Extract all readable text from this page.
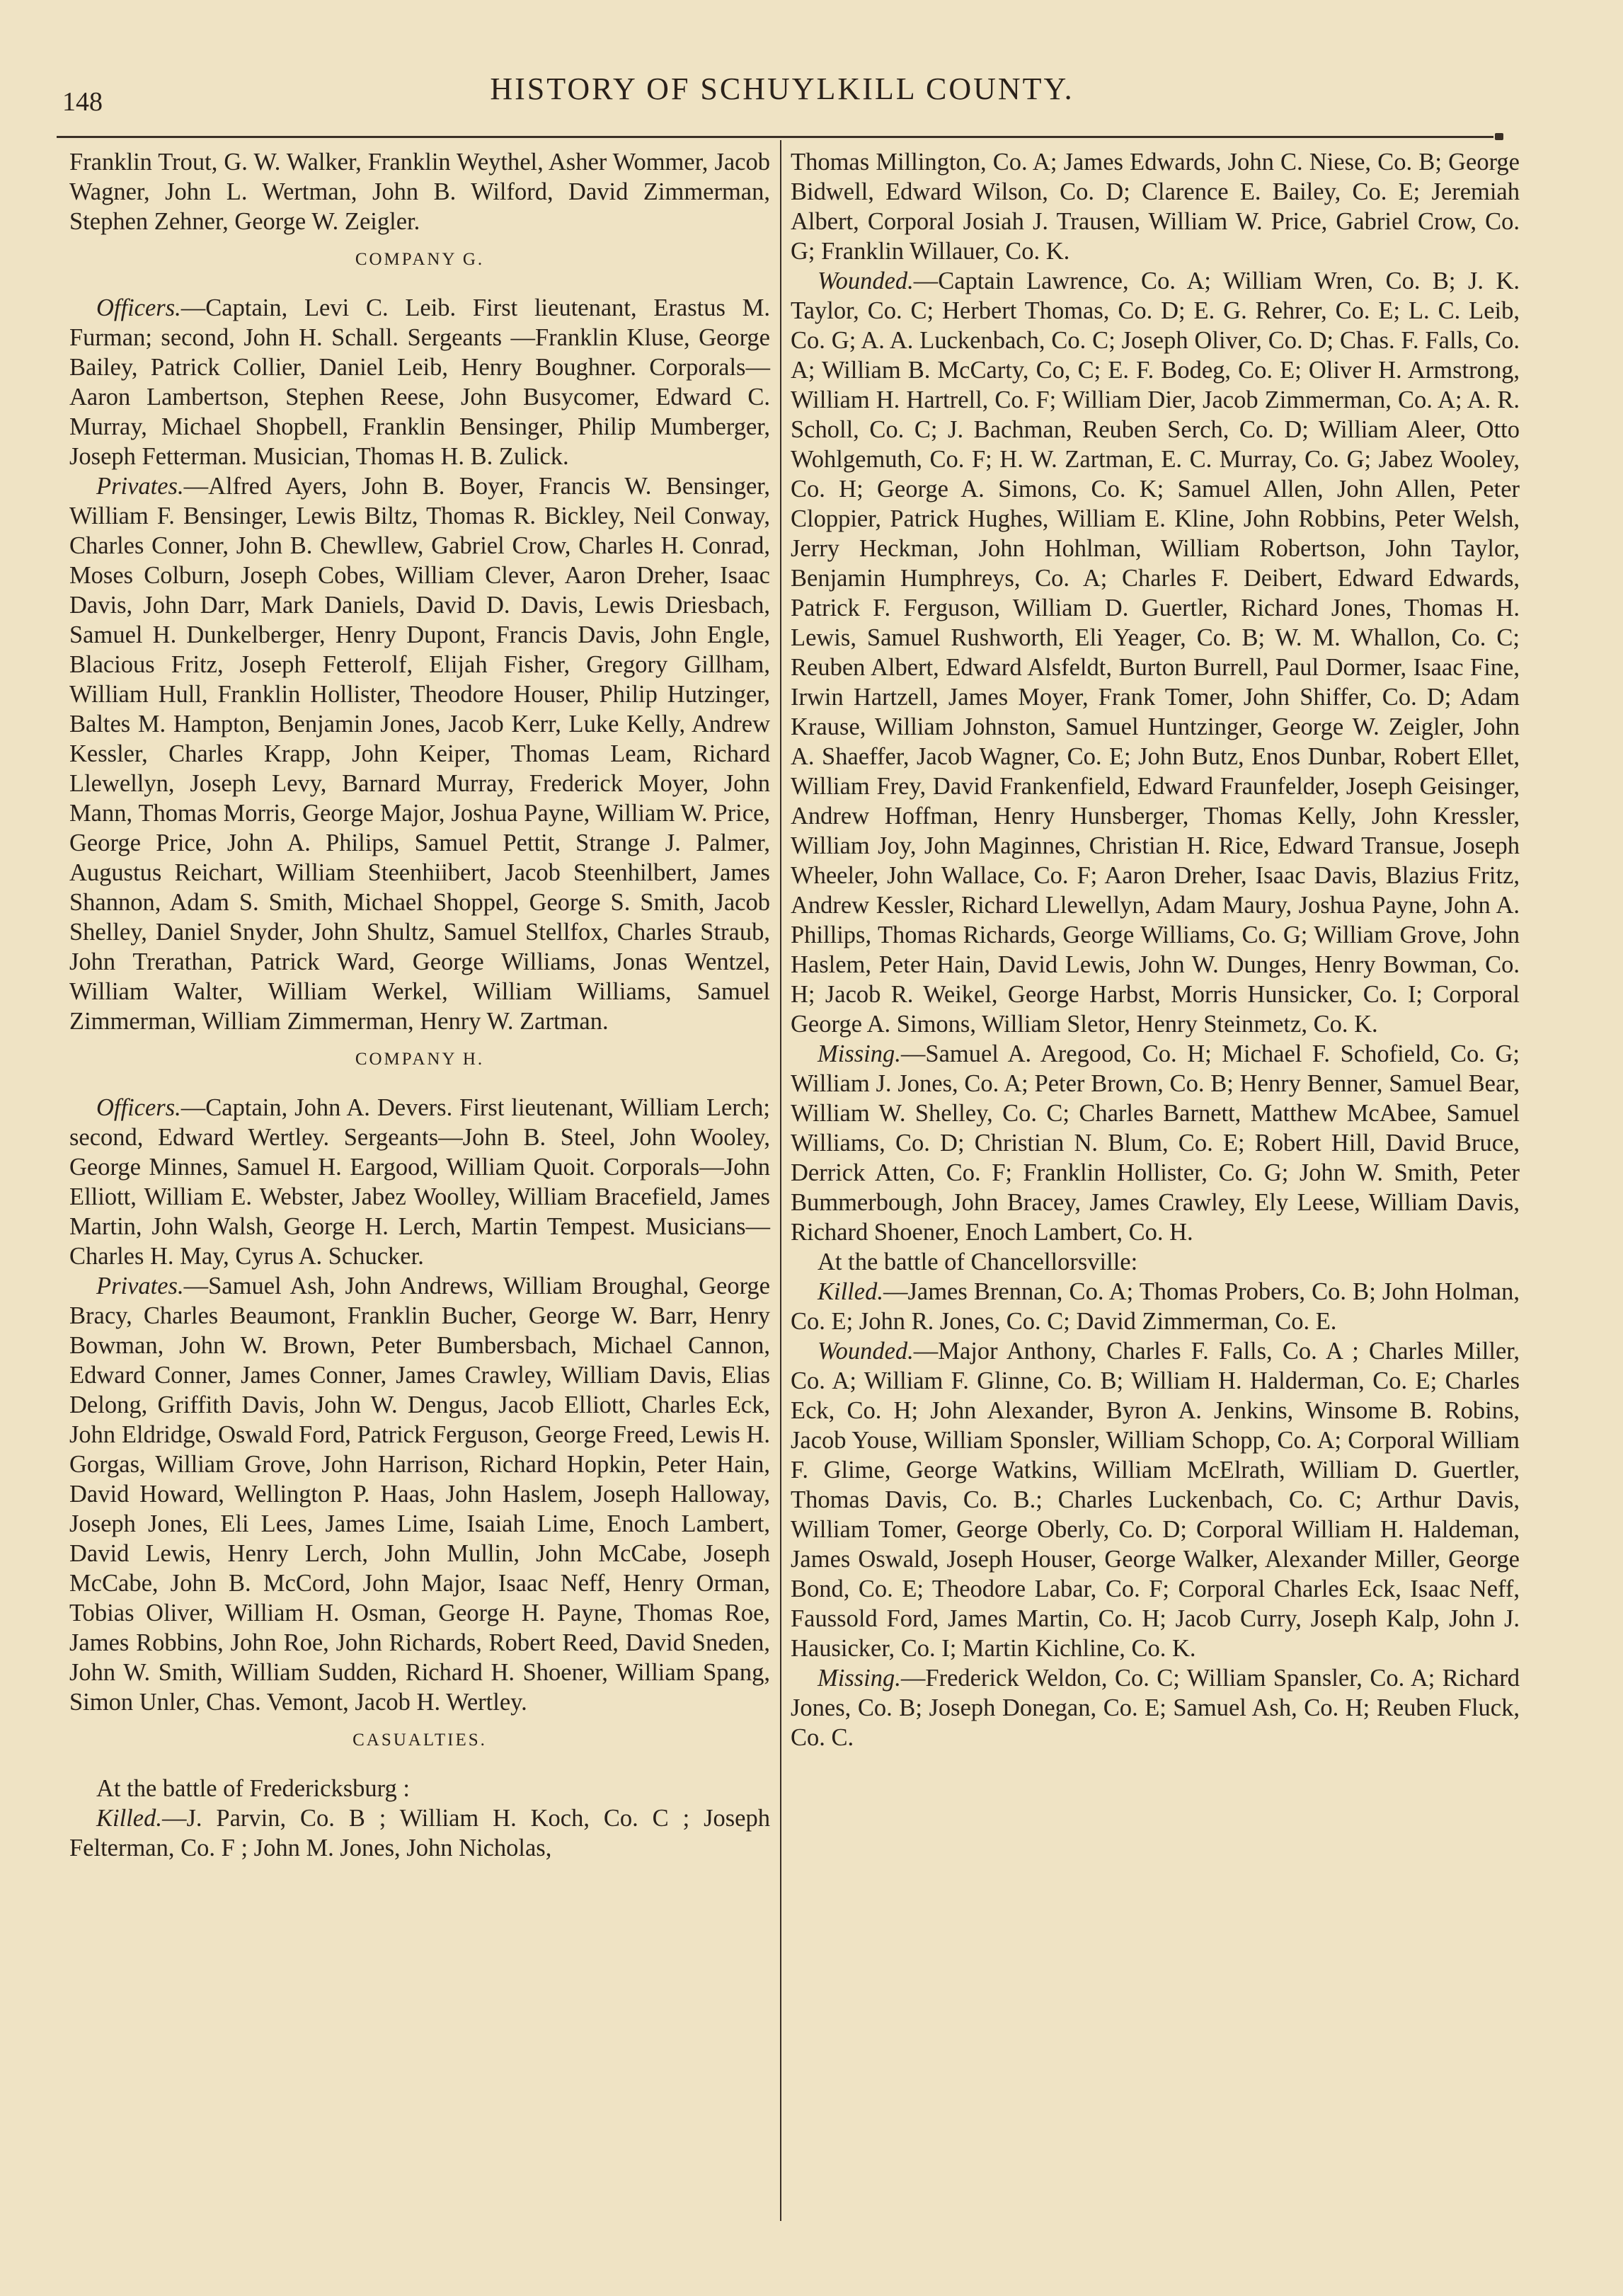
148	HISTORY OF SCHUYLKILL COUNTY.

Franklin Trout, G. W. Walker, Franklin Weythel, Asher Wommer, Jacob Wagner, John L. Wertman, John B. Wilford, David Zimmerman, Stephen Zehner, George W. Zeigler.

COMPANY G.

Officers.—Captain, Levi C. Leib. First lieutenant, Erastus M. Furman; second, John H. Schall. Sergeants —Franklin Kluse, George Bailey, Patrick Collier, Daniel Leib, Henry Boughner. Corporals—Aaron Lambertson, Stephen Reese, John Busycomer, Edward C. Murray, Michael Shopbell, Franklin Bensinger, Philip Mumberger, Joseph Fetterman. Musician, Thomas H. B. Zulick.

Privates.—Alfred Ayers, John B. Boyer, Francis W. Bensinger, William F. Bensinger, Lewis Biltz, Thomas R. Bickley, Neil Conway, Charles Conner, John B. Chewllew, Gabriel Crow, Charles H. Conrad, Moses Colburn, Joseph Cobes, William Clever, Aaron Dreher, Isaac Davis, John Darr, Mark Daniels, David D. Davis, Lewis Driesbach, Samuel H. Dunkelberger, Henry Dupont, Francis Davis, John Engle, Blacious Fritz, Joseph Fetterolf, Elijah Fisher, Gregory Gillham, William Hull, Franklin Hollister, Theodore Houser, Philip Hutzinger, Baltes M. Hampton, Benjamin Jones, Jacob Kerr, Luke Kelly, Andrew Kessler, Charles Krapp, John Keiper, Thomas Leam, Richard Llewellyn, Joseph Levy, Barnard Murray, Frederick Moyer, John Mann, Thomas Morris, George Major, Joshua Payne, William W. Price, George Price, John A. Philips, Samuel Pettit, Strange J. Palmer, Augustus Reichart, William Steenhiibert, Jacob Steenhilbert, James Shannon, Adam S. Smith, Michael Shoppel, George S. Smith, Jacob Shelley, Daniel Snyder, John Shultz, Samuel Stellfox, Charles Straub, John Trerathan, Patrick Ward, George Williams, Jonas Wentzel, William Walter, William Werkel, William Williams, Samuel Zimmerman, William Zimmerman, Henry W. Zartman.

COMPANY H.

Officers.—Captain, John A. Devers. First lieutenant, William Lerch; second, Edward Wertley. Sergeants—John B. Steel, John Wooley, George Minnes, Samuel H. Eargood, William Quoit. Corporals—John Elliott, William E. Webster, Jabez Woolley, William Bracefield, James Martin, John Walsh, George H. Lerch, Martin Tempest. Musicians—Charles H. May, Cyrus A. Schucker.

Privates.—Samuel Ash, John Andrews, William Broughal, George Bracy, Charles Beaumont, Franklin Bucher, George W. Barr, Henry Bowman, John W. Brown, Peter Bumbersbach, Michael Cannon, Edward Conner, James Conner, James Crawley, William Davis, Elias Delong, Griffith Davis, John W. Dengus, Jacob Elliott, Charles Eck, John Eldridge, Oswald Ford, Patrick Ferguson, George Freed, Lewis H. Gorgas, William Grove, John Harrison, Richard Hopkin, Peter Hain, David Howard, Wellington P. Haas, John Haslem, Joseph Halloway, Joseph Jones, Eli Lees, James Lime, Isaiah Lime, Enoch Lambert, David Lewis, Henry Lerch, John Mullin, John McCabe, Joseph McCabe, John B. McCord, John Major, Isaac Neff, Henry Orman, Tobias Oliver, William H. Osman, George H. Payne, Thomas Roe, James Robbins, John Roe, John Richards, Robert Reed, David Sneden, John W. Smith, William Sudden, Richard H. Shoener, William Spang, Simon Unler, Chas. Vemont, Jacob H. Wertley.

CASUALTIES.

At the battle of Fredericksburg :

Killed.—J. Parvin, Co. B ; William H. Koch, Co. C ; Joseph Felterman, Co. F ; John M. Jones, John Nicholas,

Thomas Millington, Co. A; James Edwards, John C. Niese, Co. B; George Bidwell, Edward Wilson, Co. D; Clarence E. Bailey, Co. E; Jeremiah Albert, Corporal Josiah J. Trausen, William W. Price, Gabriel Crow, Co. G; Franklin Willauer, Co. K.

Wounded.—Captain Lawrence, Co. A; William Wren, Co. B; J. K. Taylor, Co. C; Herbert Thomas, Co. D; E. G. Rehrer, Co. E; L. C. Leib, Co. G; A. A. Luckenbach, Co. C; Joseph Oliver, Co. D; Chas. F. Falls, Co. A; William B. McCarty, Co, C; E. F. Bodeg, Co. E; Oliver H. Armstrong, William H. Hartrell, Co. F; William Dier, Jacob Zimmerman, Co. A; A. R. Scholl, Co. C; J. Bachman, Reuben Serch, Co. D; William Aleer, Otto Wohlgemuth, Co. F; H. W. Zartman, E. C. Murray, Co. G; Jabez Wooley, Co. H; George A. Simons, Co. K; Samuel Allen, John Allen, Peter Cloppier, Patrick Hughes, William E. Kline, John Robbins, Peter Welsh, Jerry Heckman, John Hohlman, William Robertson, John Taylor, Benjamin Humphreys, Co. A; Charles F. Deibert, Edward Edwards, Patrick F. Ferguson, William D. Guertler, Richard Jones, Thomas H. Lewis, Samuel Rushworth, Eli Yeager, Co. B; W. M. Whallon, Co. C; Reuben Albert, Edward Alsfeldt, Burton Burrell, Paul Dormer, Isaac Fine, Irwin Hartzell, James Moyer, Frank Tomer, John Shiffer, Co. D; Adam Krause, William Johnston, Samuel Huntzinger, George W. Zeigler, John A. Shaeffer, Jacob Wagner, Co. E; John Butz, Enos Dunbar, Robert Ellet, William Frey, David Frankenfield, Edward Fraunfelder, Joseph Geisinger, Andrew Hoffman, Henry Hunsberger, Thomas Kelly, John Kressler, William Joy, John Maginnes, Christian H. Rice, Edward Transue, Joseph Wheeler, John Wallace, Co. F; Aaron Dreher, Isaac Davis, Blazius Fritz, Andrew Kessler, Richard Llewellyn, Adam Maury, Joshua Payne, John A. Phillips, Thomas Richards, George Williams, Co. G; William Grove, John Haslem, Peter Hain, David Lewis, John W. Dunges, Henry Bowman, Co. H; Jacob R. Weikel, George Harbst, Morris Hunsicker, Co. I; Corporal George A. Simons, William Sletor, Henry Steinmetz, Co. K.

Missing.—Samuel A. Aregood, Co. H; Michael F. Schofield, Co. G; William J. Jones, Co. A; Peter Brown, Co. B; Henry Benner, Samuel Bear, William W. Shelley, Co. C; Charles Barnett, Matthew McAbee, Samuel Williams, Co. D; Christian N. Blum, Co. E; Robert Hill, David Bruce, Derrick Atten, Co. F; Franklin Hollister, Co. G; John W. Smith, Peter Bummerbough, John Bracey, James Crawley, Ely Leese, William Davis, Richard Shoener, Enoch Lambert, Co. H.

At the battle of Chancellorsville:

Killed.—James Brennan, Co. A; Thomas Probers, Co. B; John Holman, Co. E; John R. Jones, Co. C; David Zimmerman, Co. E.

Wounded.—Major Anthony, Charles F. Falls, Co. A ; Charles Miller, Co. A; William F. Glinne, Co. B; William H. Halderman, Co. E; Charles Eck, Co. H; John Alexander, Byron A. Jenkins, Winsome B. Robins, Jacob Youse, William Sponsler, William Schopp, Co. A; Corporal William F. Glime, George Watkins, William McElrath, William D. Guertler, Thomas Davis, Co. B.; Charles Luckenbach, Co. C; Arthur Davis, William Tomer, George Oberly, Co. D; Corporal William H. Haldeman, James Oswald, Joseph Houser, George Walker, Alexander Miller, George Bond, Co. E; Theodore Labar, Co. F; Corporal Charles Eck, Isaac Neff, Faussold Ford, James Martin, Co. H; Jacob Curry, Joseph Kalp, John J. Hausicker, Co. I; Martin Kichline, Co. K.

Missing.—Frederick Weldon, Co. C; William Spansler, Co. A; Richard Jones, Co. B; Joseph Donegan, Co. E; Samuel Ash, Co. H; Reuben Fluck, Co. C.
